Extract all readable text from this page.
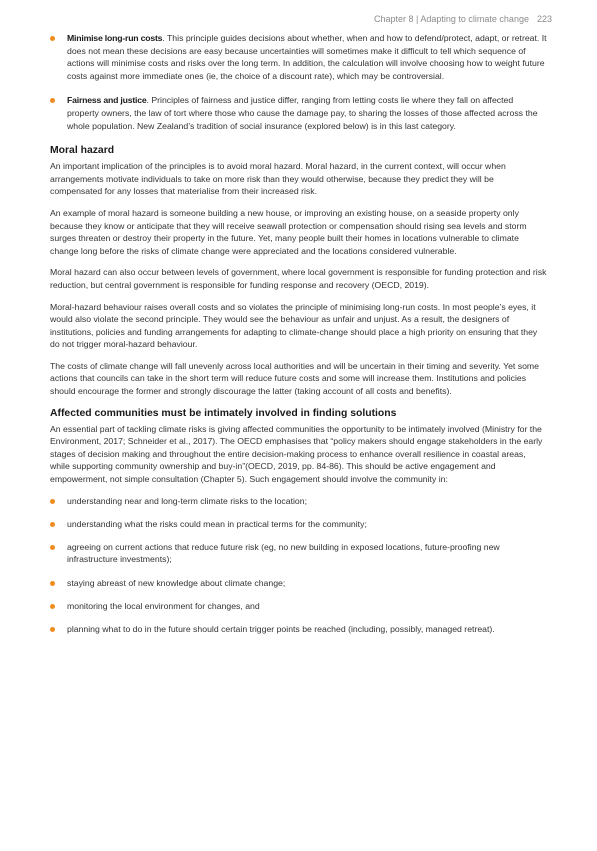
Chapter 8 | Adapting to climate change 223
Minimise long-run costs. This principle guides decisions about whether, when and how to defend/protect, adapt, or retreat. It does not mean these decisions are easy because uncertainties will sometimes make it difficult to tell which sequence of actions will minimise costs and risks over the long term. In addition, the calculation will involve choosing how to weight future costs against more immediate ones (ie, the choice of a discount rate), which may be controversial.
Fairness and justice. Principles of fairness and justice differ, ranging from letting costs lie where they fall on affected property owners, the law of tort where those who cause the damage pay, to sharing the losses of those affected across the whole population. New Zealand’s tradition of social insurance (explored below) is in this last category.
Moral hazard

An important implication of the principles is to avoid moral hazard. Moral hazard, in the current context, will occur when arrangements motivate individuals to take on more risk than they would otherwise, because they predict they will be compensated for any losses that materialise from their increased risk.

An example of moral hazard is someone building a new house, or improving an existing house, on a seaside property only because they know or anticipate that they will receive seawall protection or compensation should rising sea levels and storm surges threaten or destroy their property in the future. Yet, many people built their homes in locations vulnerable to climate change long before the risks of climate change were appreciated and the locations considered vulnerable.

Moral hazard can also occur between levels of government, where local government is responsible for funding protection and risk reduction, but central government is responsible for funding response and recovery (OECD, 2019).

Moral-hazard behaviour raises overall costs and so violates the principle of minimising long-run costs. In most people’s eyes, it would also violate the second principle. They would see the behaviour as unfair and unjust. As a result, the designers of institutions, policies and funding arrangements for adapting to climate-change should place a high priority on ensuring that they do not trigger moral-hazard behaviour.

The costs of climate change will fall unevenly across local authorities and will be uncertain in their timing and severity. Yet some actions that councils can take in the short term will reduce future costs and some will increase them. Institutions and policies should encourage the former and strongly discourage the latter (taking account of all costs and benefits).

Affected communities must be intimately involved in finding solutions

An essential part of tackling climate risks is giving affected communities the opportunity to be intimately involved (Ministry for the Environment, 2017; Schneider et al., 2017). The OECD emphasises that “policy makers should engage stakeholders in the early stages of decision making and throughout the entire decision-making process to enhance overall resilience in coastal areas, while supporting community ownership and buy-in”(OECD, 2019, pp. 84-86). This should be active engagement and empowerment, not simple consultation (Chapter 5). Such engagement should involve the community in:

understanding near and long-term climate risks to the location;
understanding what the risks could mean in practical terms for the community;
agreeing on current actions that reduce future risk (eg, no new building in exposed locations, future-proofing new infrastructure investments);
staying abreast of new knowledge about climate change;
monitoring the local environment for changes, and
planning what to do in the future should certain trigger points be reached (including, possibly, managed retreat).
